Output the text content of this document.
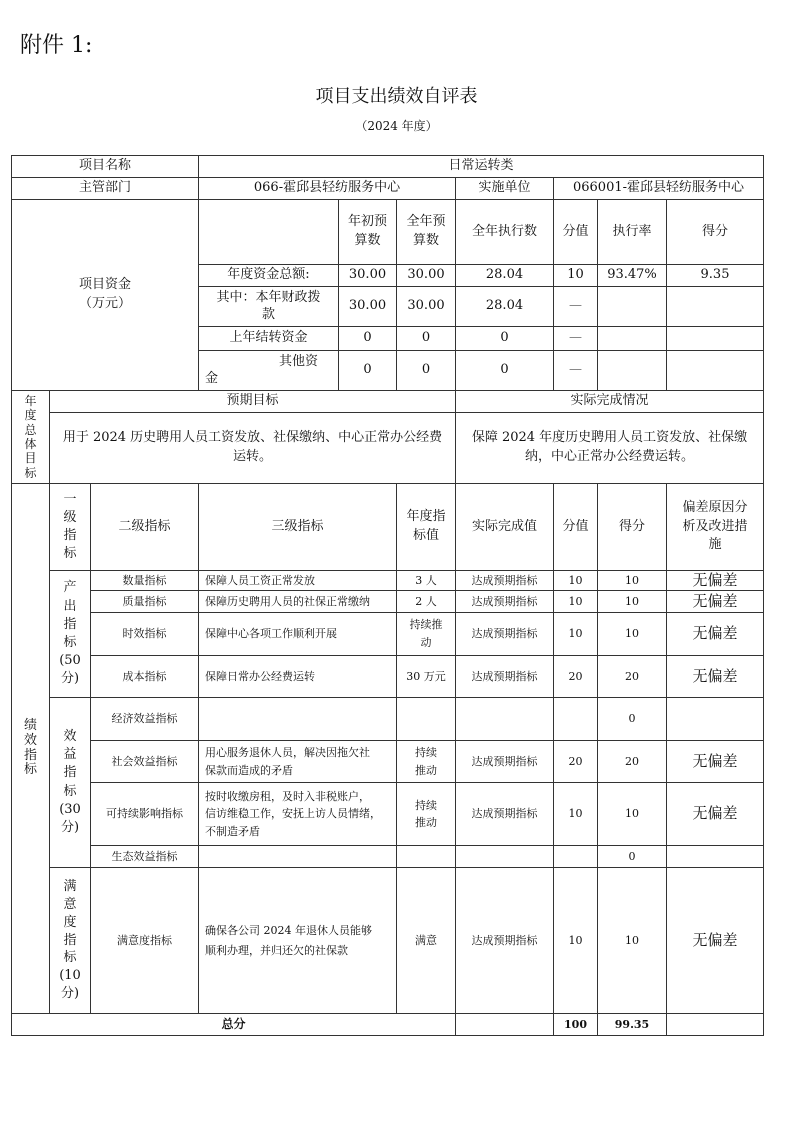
附件 1:
项目支出绩效自评表
（2024 年度）
项目名称	日常运转类
主管部门	066-霍邱县轻纺服务中心	实施单位	066001-霍邱县轻纺服务中心
项目资金
（万元）
年初预
算数
全年预
算数
全年执行数	分值	执行率	得分
年度资金总额:	30.00	30.00	28.04	10	93.47%	9.35
其中：本年财政拨
款
30.00	30.00	28.04	—
上年结转资金	0	0	0	—
其他资
金
0	0	0	—
年
度
总
体
目
标
预期目标	实际完成情况
用于 2024 历史聘用人员工资发放、社保缴纳、中心正常办公经费运转。
保障 2024 年度历史聘用人员工资发放、社保缴纳，中心正常办公经费运转。
绩
效
指
标
一
级
指
标
二级指标	三级指标
年度指
标值
实际完成值	分值	得分
偏差原因分
析及改进措
施
产
出
指
标
(50
分)
数量指标	保障人员工资正常发放	3 人	达成预期指标	10	10	无偏差
质量指标	保障历史聘用人员的社保正常缴纳	2 人	达成预期指标	10	10	无偏差
时效指标	保障中心各项工作顺利开展
持续推
动
达成预期指标	10	10	无偏差
成本指标	保障日常办公经费运转	30 万元	达成预期指标	20	20	无偏差
效
益
指
标
(30
分)
经济效益指标	0
社会效益指标
用心服务退休人员，解决因拖欠社
保款而造成的矛盾
持续
推动
达成预期指标	20	20	无偏差
可持续影响指标
按时收缴房租，及时入非税账户，
信访维稳工作，安抚上访人员情绪，
不制造矛盾
持续
推动
达成预期指标	10	10	无偏差
生态效益指标	0
满
意
度
指
标
(10
分)
满意度指标
确保各公司 2024 年退休人员能够
顺利办理，并归还欠的社保款
满意	达成预期指标	10	10	无偏差
总分	100	99.35
